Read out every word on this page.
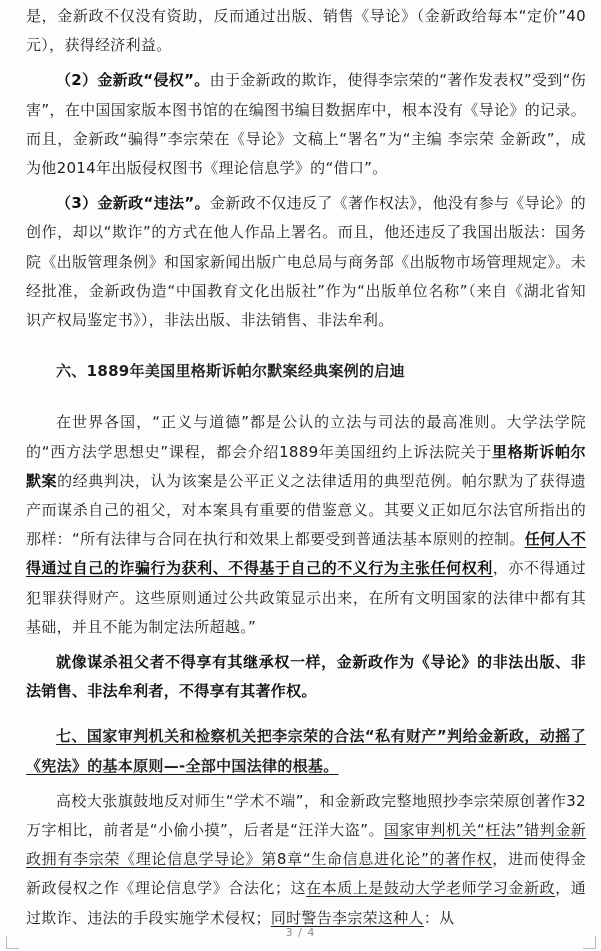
是，金新政不仅没有资助，反而通过出版、销售《导论》（金新政给每本“定价”40元），获得经济利益。

（2）金新政“侵权”。由于金新政的欺诈，使得李宗荣的“著作发表权”受到“伤害”，在中国国家版本图书馆的在编图书编目数据库中，根本没有《导论》的记录。而且，金新政“骗得”李宗荣在《导论》文稿上“署名”为“主编 李宗荣 金新政”，成为他2014年出版侵权图书《理论信息学》的“借口”。

（3）金新政“违法”。金新政不仅违反了《著作权法》，他没有参与《导论》的创作，却以“欺诈”的方式在他人作品上署名。而且，他还违反了我国出版法：国务院《出版管理条例》和国家新闻出版广电总局与商务部《出版物市场管理规定》。未经批准，金新政伪造“中国教育文化出版社”作为“出版单位名称”（来自《湖北省知识产权局鉴定书》），非法出版、非法销售、非法牟利。

六、1889年美国里格斯诉帕尔默案经典案例的启迪

在世界各国，“正义与道德”都是公认的立法与司法的最高准则。大学法学院的“西方法学思想史”课程，都会介绍1889年美国纽约上诉法院关于里格斯诉帕尔默案的经典判决，认为该案是公平正义之法律适用的典型范例。帕尔默为了获得遗产而谋杀自己的祖父，对本案具有重要的借鉴意义。其要义正如厄尔法官所指出的那样：“所有法律与合同在执行和效果上都要受到普通法基本原则的控制。任何人不得通过自己的诈骗行为获利、不得基于自己的不义行为主张任何权利，亦不得通过犯罪获得财产。这些原则通过公共政策显示出来，在所有文明国家的法律中都有其基础，并且不能为制定法所超越。”

就像谋杀祖父者不得享有其继承权一样，金新政作为《导论》的非法出版、非法销售、非法牟利者，不得享有其著作权。

七、国家审判机关和检察机关把李宗荣的合法“私有财产”判给金新政，动摇了《宪法》的基本原则—-全部中国法律的根基。

高校大张旗鼓地反对师生“学术不端”，和金新政完整地照抄李宗荣原创著作32万字相比，前者是“小偷小摸”，后者是“汪洋大盗”。国家审判机关“枉法”错判金新政拥有李宗荣《理论信息学导论》第8章“生命信息进化论”的著作权，进而使得金新政侵权之作《理论信息学》合法化；这在本质上是鼓动大学老师学习金新政，通过欺诈、违法的手段实施学术侵权；同时警告李宗荣这种人：从

3 / 4
